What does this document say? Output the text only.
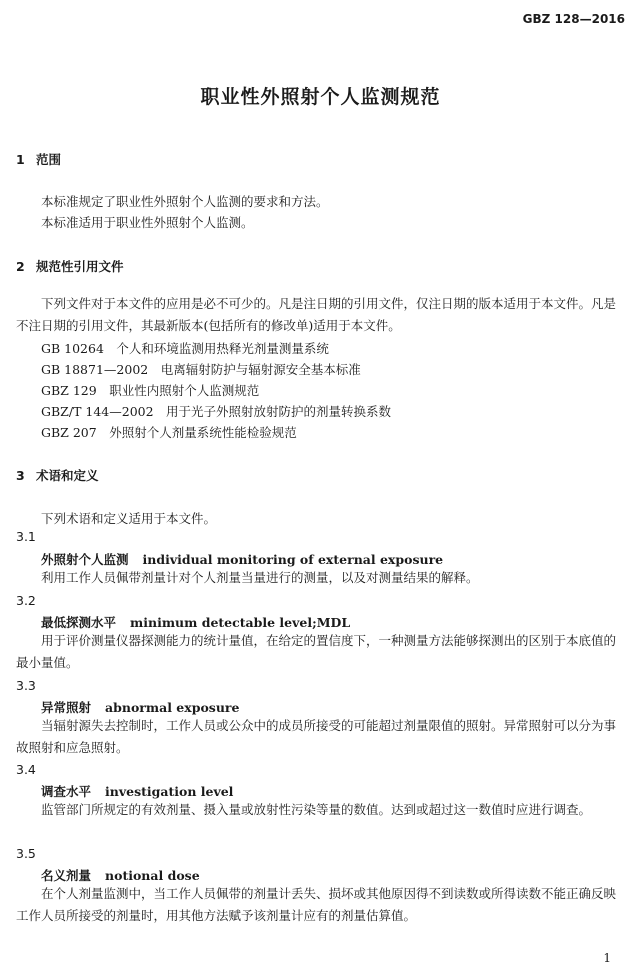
GBZ 128—2016
职业性外照射个人监测规范
1 范围
本标准规定了职业性外照射个人监测的要求和方法。
本标准适用于职业性外照射个人监测。
2 规范性引用文件

下列文件对于本文件的应用是必不可少的。凡是注日期的引用文件，仅注日期的版本适用于本文件。凡是不注日期的引用文件，其最新版本(包括所有的修改单)适用于本文件。

GB 10264　个人和环境监测用热释光剂量测量系统
GB 18871—2002　电离辐射防护与辐射源安全基本标准
GBZ 129　职业性内照射个人监测规范
GBZ/T 144—2002　用于光子外照射放射防护的剂量转换系数
GBZ 207　外照射个人剂量系统性能检验规范
3 术语和定义
下列术语和定义适用于本文件。
3.1
外照射个人监测 individual monitoring of external exposure

利用工作人员佩带剂量计对个人剂量当量进行的测量，以及对测量结果的解释。

3.2
最低探测水平 minimum detectable level;MDL

用于评价测量仪器探测能力的统计量值，在给定的置信度下，一种测量方法能够探测出的区别于本底值的最小量值。

3.3
异常照射 abnormal exposure

当辐射源失去控制时，工作人员或公众中的成员所接受的可能超过剂量限值的照射。异常照射可以分为事故照射和应急照射。

3.4
调查水平 investigation level

监管部门所规定的有效剂量、摄入量或放射性污染等量的数值。达到或超过这一数值时应进行调查。

3.5
名义剂量 notional dose

在个人剂量监测中，当工作人员佩带的剂量计丢失、损坏或其他原因得不到读数或所得读数不能正确反映工作人员所接受的剂量时，用其他方法赋予该剂量计应有的剂量估算值。

1
